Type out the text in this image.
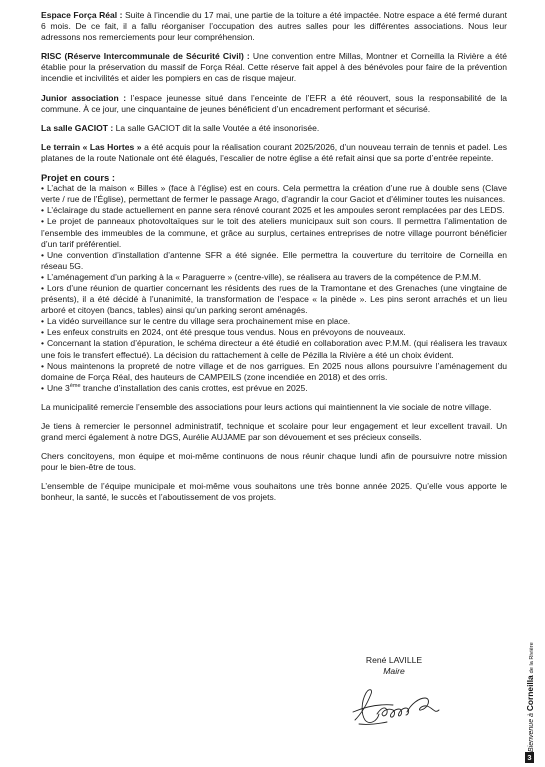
Espace Força Réal : Suite à l’incendie du 17 mai, une partie de la toiture a été impactée. Notre espace a été fermé durant 6 mois. De ce fait, il a fallu réorganiser l’occupation des autres salles pour les différentes associations. Nous leur adressons nos remerciements pour leur compréhension.

RISC (Réserve Intercommunale de Sécurité Civil) : Une convention entre Millas, Montner et Corneilla la Rivière a été établie pour la préservation du massif de Força Réal. Cette réserve fait appel à des bénévoles pour faire de la prévention incendie et incivilités et aider les pompiers en cas de risque majeur.

Junior association : l’espace jeunesse situé dans l’enceinte de l’EFR a été réouvert, sous la responsabilité de la commune. À ce jour, une cinquantaine de jeunes bénéficient d’un encadrement performant et sécurisé.

La salle GACIOT : La salle GACIOT dit la salle Voutée a été insonorisée.

Le terrain « Las Hortes » a été acquis pour la réalisation courant 2025/2026, d’un nouveau terrain de tennis et padel. Les platanes de la route Nationale ont été élagués, l’escalier de notre église a été refait ainsi que sa porte d’entrée repeinte.

Projet en cours :
• L’achat de la maison « Billes » (face à l’église) est en cours. Cela permettra la création d’une rue à double sens (Clave verte / rue de l’Église), permettant de fermer le passage Arago, d’agrandir la cour Gaciot et d’éliminer toutes les nuisances.
• L’éclairage du stade actuellement en panne sera rénové courant 2025 et les ampoules seront remplacées par des LEDS.
• Le projet de panneaux photovoltaïques sur le toit des ateliers municipaux suit son cours. Il permettra l’alimentation de l’ensemble des immeubles de la commune, et grâce au surplus, certaines entreprises de notre village pourront bénéficier d’un tarif préférentiel.
• Une convention d’installation d’antenne SFR a été signée. Elle permettra la couverture du territoire de Corneilla en réseau 5G.
• L’aménagement d’un parking à la « Paraguerre » (centre-ville), se réalisera au travers de la compétence de P.M.M.
• Lors d’une réunion de quartier concernant les résidents des rues de la Tramontane et des Grenaches (une vingtaine de présents), il a été décidé à l’unanimité, la transformation de l’espace « la pinède ». Les pins seront arrachés et un lieu arboré et citoyen (bancs, tables) ainsi qu’un parking seront aménagés.
• La vidéo surveillance sur le centre du village sera prochainement mise en place.
• Les enfeux construits en 2024, ont été presque tous vendus. Nous en prévoyons de nouveaux.
• Concernant la station d’épuration, le schéma directeur a été étudié en collaboration avec P.M.M. (qui réalisera les travaux une fois le transfert effectué). La décision du rattachement à celle de Pézilla la Rivière a été un choix évident.
• Nous maintenons la propreté de notre village et de nos garrigues. En 2025 nous allons poursuivre l’aménagement du domaine de Força Réal, des hauteurs de CAMPEILS (zone incendiée en 2018) et des orris.
• Une 3ème tranche d’installation des canis crottes, est prévue en 2025.

La municipalité remercie l’ensemble des associations pour leurs actions qui maintiennent la vie sociale de notre village.

Je tiens à remercier le personnel administratif, technique et scolaire pour leur engagement et leur excellent travail. Un grand merci également à notre DGS, Aurélie AUJAME par son dévouement et ses précieux conseils.

Chers concitoyens, mon équipe et moi-même continuons de nous réunir chaque lundi afin de poursuivre notre mission pour le bien-être de tous.

L’ensemble de l’équipe municipale et moi-même vous souhaitons une très bonne année 2025. Qu’elle vous apporte le bonheur, la santé, le succès et l’aboutissement de vos projets.

René LAVILLE
Maire
Bienvenue à Corneilla de la Rivière
3
